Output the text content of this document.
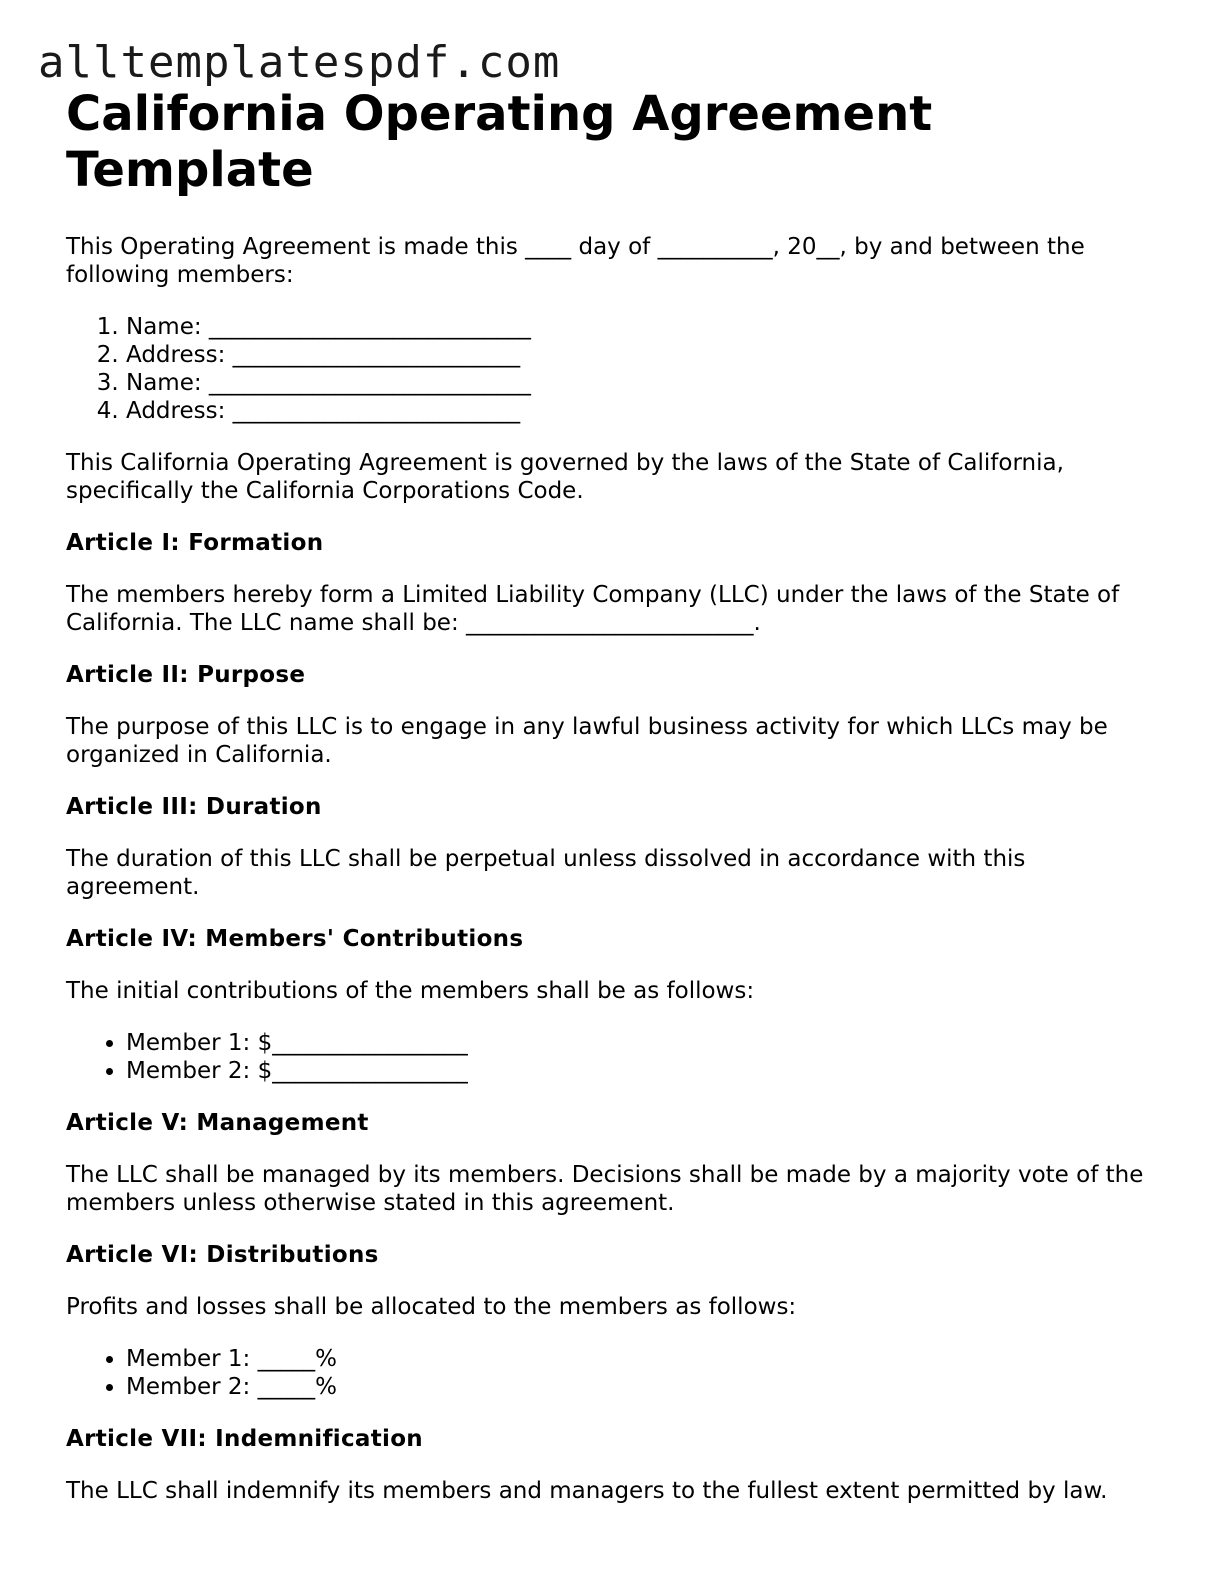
alltemplatespdf.com
California Operating Agreement Template

This Operating Agreement is made this ____ day of __________, 20__, by and between the following members:

1. Name: ____________________________
2. Address: _________________________
3. Name: ____________________________
4. Address: _________________________

This California Operating Agreement is governed by the laws of the State of California, specifically the California Corporations Code.

Article I: Formation

The members hereby form a Limited Liability Company (LLC) under the laws of the State of California. The LLC name shall be: _________________________.

Article II: Purpose

The purpose of this LLC is to engage in any lawful business activity for which LLCs may be organized in California.

Article III: Duration

The duration of this LLC shall be perpetual unless dissolved in accordance with this agreement.

Article IV: Members' Contributions

The initial contributions of the members shall be as follows:

• Member 1: $_________________
• Member 2: $_________________
Article V: Management

The LLC shall be managed by its members. Decisions shall be made by a majority vote of the members unless otherwise stated in this agreement.

Article VI: Distributions

Profits and losses shall be allocated to the members as follows:

• Member 1: _____%
• Member 2: _____%
Article VII: Indemnification

The LLC shall indemnify its members and managers to the fullest extent permitted by law.
